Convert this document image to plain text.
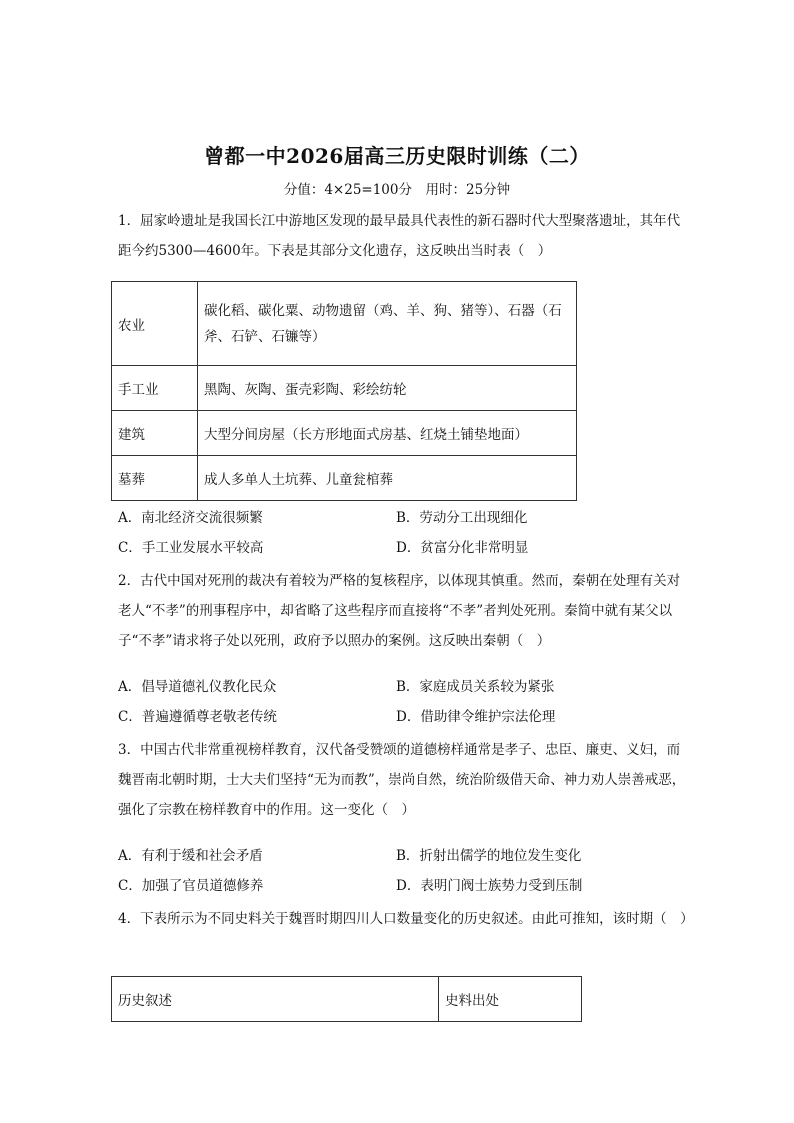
曾都一中2026届高三历史限时训练（二）
分值：4×25=100分　用时：25分钟
1．屈家岭遗址是我国长江中游地区发现的最早最具代表性的新石器时代大型聚落遗址，其年代距今约5300—4600年。下表是其部分文化遗存，这反映出当时表（　）
农业	碳化稻、碳化粟、动物遗留（鸡、羊、狗、猪等）、石器（石斧、石铲、石镰等）
手工业	黑陶、灰陶、蛋壳彩陶、彩绘纺轮
建筑	大型分间房屋（长方形地面式房基、红烧土铺垫地面）
墓葬	成人多单人土坑葬、儿童瓮棺葬
A．南北经济交流很频繁	B．劳动分工出现细化
C．手工业发展水平较高	D．贫富分化非常明显
2．古代中国对死刑的裁决有着较为严格的复核程序，以体现其慎重。然而，秦朝在处理有关对老人“不孝”的刑事程序中，却省略了这些程序而直接将“不孝”者判处死刑。秦简中就有某父以子“不孝”请求将子处以死刑，政府予以照办的案例。这反映出秦朝（　）
A．倡导道德礼仪教化民众	B．家庭成员关系较为紧张
C．普遍遵循尊老敬老传统	D．借助律令维护宗法伦理
3．中国古代非常重视榜样教育，汉代备受赞颂的道德榜样通常是孝子、忠臣、廉吏、义妇，而魏晋南北朝时期，士大夫们坚持“无为而教”，崇尚自然，统治阶级借天命、神力劝人崇善戒恶，强化了宗教在榜样教育中的作用。这一变化（　）
A．有利于缓和社会矛盾	B．折射出儒学的地位发生变化
C．加强了官员道德修养	D．表明门阀士族势力受到压制
4．下表所示为不同史料关于魏晋时期四川人口数量变化的历史叙述。由此可推知，该时期（　）
历史叙述	史料出处
